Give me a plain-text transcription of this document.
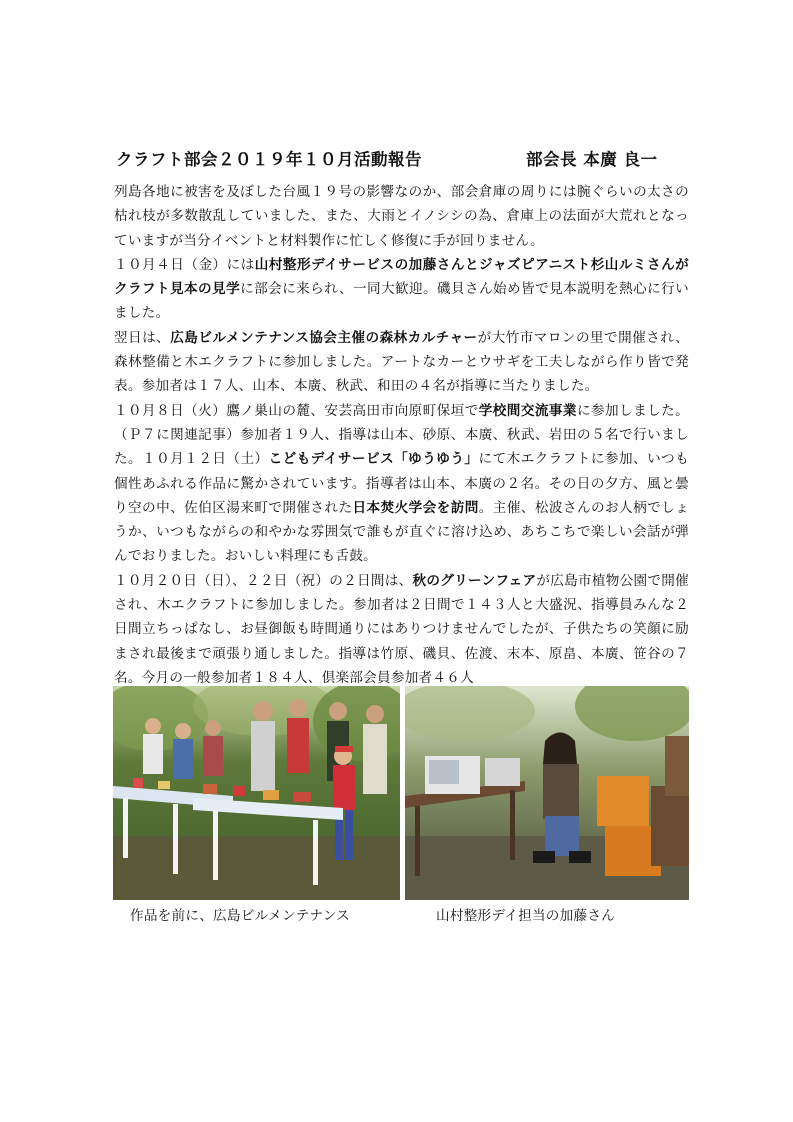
クラフト部会２０１９年１０月活動報告	部会長 本廣 良一

列島各地に被害を及ぼした台風１９号の影響なのか、部会倉庫の周りには腕ぐらいの太さの枯れ枝が多数散乱していました、また、大雨とイノシシの為、倉庫上の法面が大荒れとなっていますが当分イベントと材料製作に忙しく修復に手が回りません。

１０月４日（金）には山村整形デイサービスの加藤さんとジャズピアニスト杉山ルミさんがクラフト見本の見学に部会に来られ、一同大歓迎。磯貝さん始め皆で見本説明を熱心に行いました。

翌日は、広島ビルメンテナンス協会主催の森林カルチャーが大竹市マロンの里で開催され、森林整備と木エクラフトに参加しました。アートなカーとウサギを工夫しながら作り皆で発表。参加者は１７人、山本、本廣、秋武、和田の４名が指導に当たりました。

１０月８日（火）鷹ノ巣山の麓、安芸高田市向原町保垣で学校間交流事業に参加しました。（Ｐ７に関連記事）参加者１９人、指導は山本、砂原、本廣、秋武、岩田の５名で行いました。１０月１２日（土）こどもデイサービス「ゆうゆう」にて木エクラフトに参加、いつも個性あふれる作品に驚かされています。指導者は山本、本廣の２名。その日の夕方、風と曇り空の中、佐伯区湯来町で開催された日本焚火学会を訪問。主催、松波さんのお人柄でしょうか、いつもながらの和やかな雰囲気で誰もが直ぐに溶け込め、あちこちで楽しい会話が弾んでおりました。おいしい料理にも舌鼓。

１０月２０日（日）、２２日（祝）の２日間は、秋のグリーンフェアが広島市植物公園で開催され、木エクラフトに参加しました。参加者は２日間で１４３人と大盛況、指導員みんな２日間立ちっぱなし、お昼御飯も時間通りにはありつけませんでしたが、子供たちの笑顔に励まされ最後まで頑張り通しました。指導は竹原、磯貝、佐渡、末本、原畠、本廣、笹谷の７名。今月の一般参加者１８４人、倶楽部会員参加者４６人

作品を前に、広島ビルメンテナンス	山村整形デイ担当の加藤さん
